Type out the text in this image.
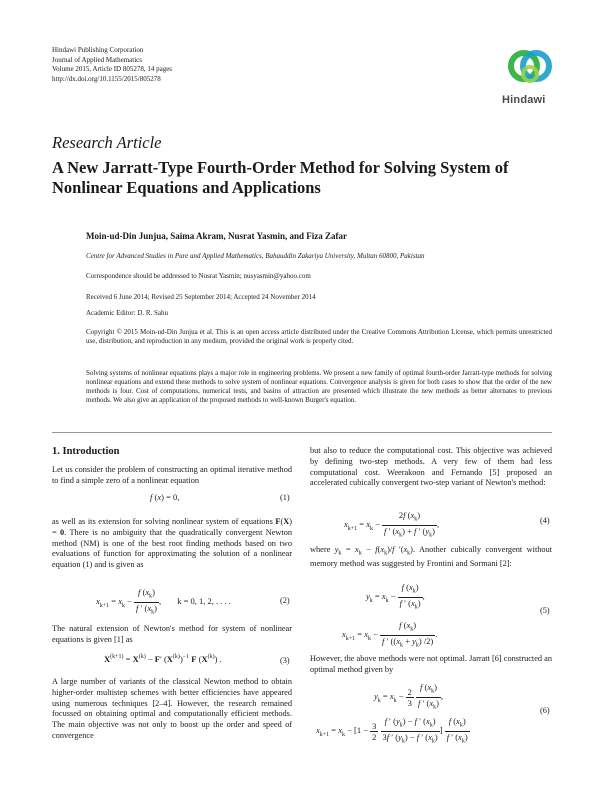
Hindawi Publishing Corporation
Journal of Applied Mathematics
Volume 2015, Article ID 805278, 14 pages
http://dx.doi.org/10.1155/2015/805278
Hindawi
Research Article
A New Jarratt-Type Fourth-Order Method for Solving System of Nonlinear Equations and Applications
Moin-ud-Din Junjua, Saima Akram, Nusrat Yasmin, and Fiza Zafar
Centre for Advanced Studies in Pure and Applied Mathematics, Bahauddin Zakariya University, Multan 60800, Pakistan
Correspondence should be addressed to Nusrat Yasmin; nusyasmin@yahoo.com
Received 6 June 2014; Revised 25 September 2014; Accepted 24 November 2014
Academic Editor: D. R. Sahu
Copyright © 2015 Moin-ud-Din Junjua et al. This is an open access article distributed under the Creative Commons Attribution License, which permits unrestricted use, distribution, and reproduction in any medium, provided the original work is properly cited.
Solving systems of nonlinear equations plays a major role in engineering problems. We present a new family of optimal fourth-order Jarratt-type methods for solving nonlinear equations and extend these methods to solve system of nonlinear equations. Convergence analysis is given for both cases to show that the order of the new methods is four. Cost of computations, numerical tests, and basins of attraction are presented which illustrate the new methods as better alternates to previous methods. We also give an application of the proposed methods to well-known Burger's equation.
1. Introduction
Let us consider the problem of constructing an optimal iterative method to find a simple zero of a nonlinear equation
f (x) = 0,	(1)
as well as its extension for solving nonlinear system of equations F(X) = 0. There is no ambiguity that the quadratically convergent Newton method (NM) is one of the best root finding methods based on two evaluations of function for approximating the solution of a nonlinear equation (1) and is given as
$x_{k+1} = x_k - \frac{f (x_k)}{f ' (x_k)}$ , k = 0, 1, 2, . . . .	(2)
The natural extension of Newton's method for system of nonlinear equations is given [1] as
$X^{(k+1)} = X^{(k)} - F'$ $(X^{(k)})^{-1}$ F $(X^{(k)})$ .	(3)
A large number of variants of the classical Newton method to obtain higher-order multistep schemes with better efficiencies have appeared using numerous techniques [2–4]. However, the research remained focussed on obtaining optimal and computationally efficient methods. The main objective was not only to boost up the order and speed of convergence
but also to reduce the computational cost. This objective was achieved by defining two-step methods. A very few of them had less computational cost. Weerakoon and Fernando [5] proposed an accelerated cubically convergent two-step variant of Newton's method:
$x_{k+1} = x_k - \frac{2f (x_k)}{f ' (x_k) + f ' (y_k)}$ ,	(4)
where $y_k = x_k - f(x_k)/f$ $'(x_k)$. Another cubically convergent without memory method was suggested by Frontini and Sormani [2]:
$y_k = x_k - \frac{f (x_k)}{f ' (x_k)}$ ,
$x_{k+1} = x_k - \frac{f (x_k)}{f ' ((x_k + y_k) /2)}$ .
(5)
However, the above methods were not optimal. Jarratt [6] constructed an optimal method given by
$y_k = x_k - \frac{2}{3}$
$\frac{f (x_k)}{f ' (x_k)}$ ,
$x_{k+1} = x_k - [1 - \frac{3}{2}$
$\frac{f ' (y_k) - f ' (x_k)}{3f ' (y_k) - f ' (x_k)}$ ] $\frac{f (x_k)}{f ' (x_k)}$
(6)
